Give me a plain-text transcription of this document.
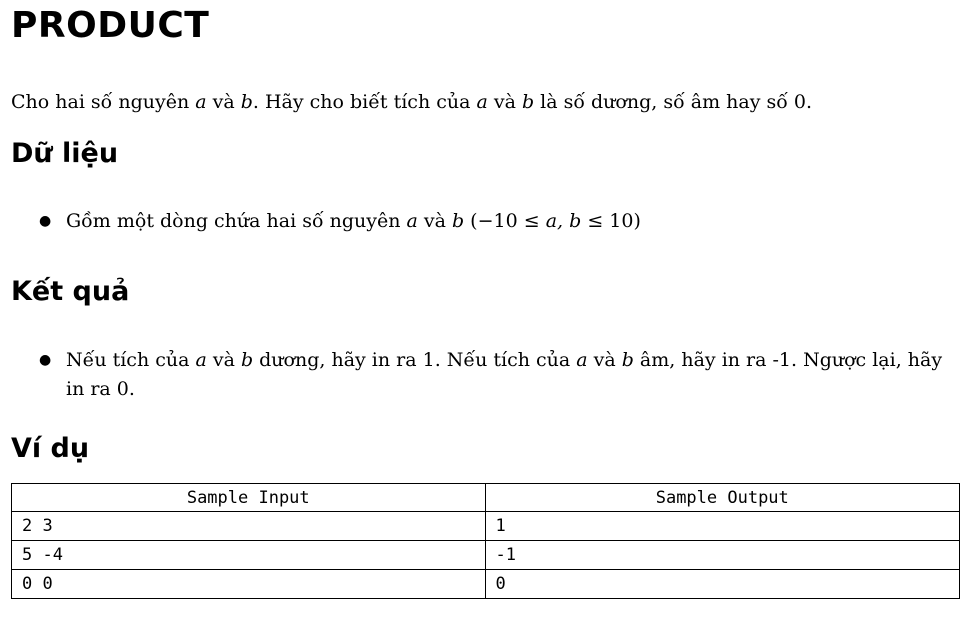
PRODUCT

Cho hai số nguyên a và b. Hãy cho biết tích của a và b là số dương, số âm hay số 0.

Dữ liệu
● Gồm một dòng chứa hai số nguyên a và b (−10 ≤ a, b ≤ 10)
Kết quả
● Nếu tích của a và b dương, hãy in ra 1. Nếu tích của a và b âm, hãy in ra -1. Ngược lại, hãy in ra 0.
Ví dụ
Sample Input	Sample Output
2 3	1
5 -4	-1
0 0	0
